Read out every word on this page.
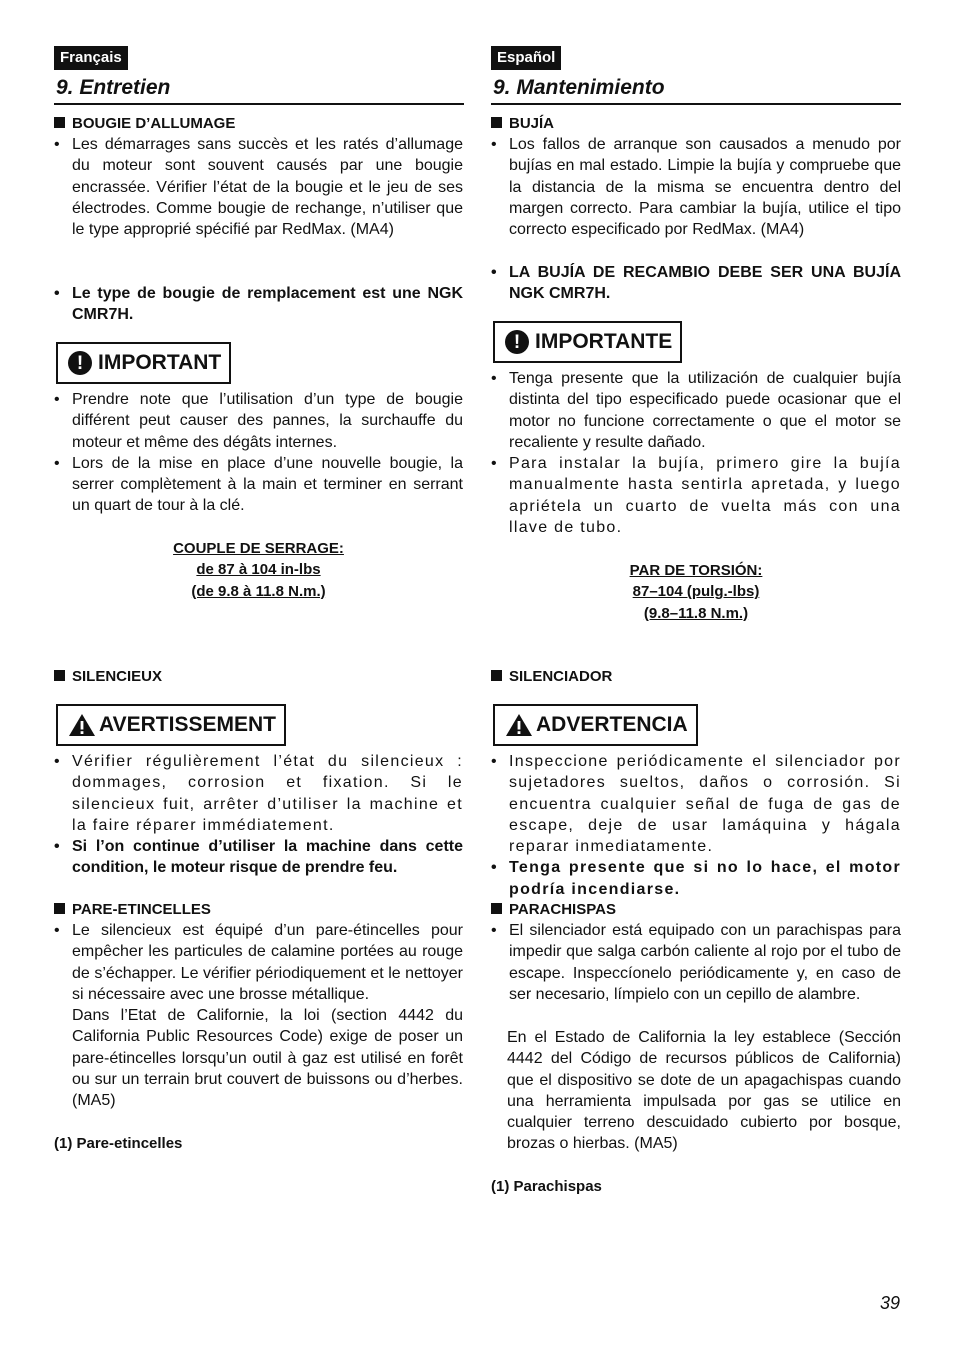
Français
9. Entretien
BOUGIE D’ALLUMAGE
• Les démarrages sans succès et les ratés d’allumage du moteur sont souvent causés par une bougie encrassée. Vérifier l’état de la bougie et le jeu de ses électrodes. Comme bougie de rechange, n’utiliser que le type approprié spécifié par RedMax. (MA4)
• Le type de bougie de remplacement est une NGK CMR7H.
! IMPORTANT
• Prendre note que l’utilisation d’un type de bougie différent peut causer des pannes, la surchauffe du moteur et même des dégâts internes.
• Lors de la mise en place d’une nouvelle bougie, la serrer complètement à la main et terminer en serrant un quart de tour à la clé.
COUPLE DE SERRAGE:
de 87 à 104 in-lbs
(de 9.8 à 11.8 N.m.)
SILENCIEUX
AVERTISSEMENT
• Vérifier régulièrement l’état du silencieux : dommages, corrosion et fixation. Si le silencieux fuit, arrêter d’utiliser la machine et la faire réparer immédiatement.
• Si l’on continue d’utiliser la machine dans cette condition, le moteur risque de prendre feu.
PARE-ETINCELLES
• Le silencieux est équipé d’un pare-étincelles pour empêcher les particules de calamine portées au rouge de s’échapper. Le vérifier périodiquement et le nettoyer si nécessaire avec une brosse métallique.
Dans l’Etat de Californie, la loi (section 4442 du California Public Resources Code) exige de poser un pare-étincelles lorsqu’un outil à gaz est utilisé en forêt ou sur un terrain brut couvert de buissons ou d’herbes. (MA5)
(1) Pare-etincelles
Español
9. Mantenimiento
BUJÍA
• Los fallos de arranque son causados a menudo por bujías en mal estado. Limpie la bujía y compruebe que la distancia de la misma se encuentra dentro del margen correcto. Para cambiar la bujía, utilice el tipo correcto especificado por RedMax. (MA4)
• LA BUJÍA DE RECAMBIO DEBE SER UNA BUJÍA NGK CMR7H.
! IMPORTANTE
• Tenga presente que la utilización de cualquier bujía distinta del tipo especificado puede ocasionar que el motor no funcione correctamente o que el motor se recaliente y resulte dañado.
• Para instalar la bujía, primero gire la bujía manualmente hasta sentirla apretada, y luego apriétela un cuarto de vuelta más con una llave de tubo.
PAR DE TORSIÓN:
87–104 (pulg.-lbs)
(9.8–11.8 N.m.)
SILENCIADOR
ADVERTENCIA
• Inspeccione periódicamente el silenciador por sujetadores sueltos, daños o corrosión. Si encuentra cualquier señal de fuga de gas de escape, deje de usar lamáquina y hágala reparar inmediatamente.
• Tenga presente que si no lo hace, el motor podría incendiarse.
PARACHISPAS
• El silenciador está equipado con un parachispas para impedir que salga carbón caliente al rojo por el tubo de escape. Inspeccíonelo periódicamente y, en caso de ser necesario, límpielo con un cepillo de alambre.
En el Estado de California la ley establece (Sección 4442 del Código de recursos públicos de California) que el dispositivo se dote de un apagachispas cuando una herramienta impulsada por gas se utilice en cualquier terreno descuidado cubierto por bosque, brozas o hierbas. (MA5)
(1) Parachispas
39
